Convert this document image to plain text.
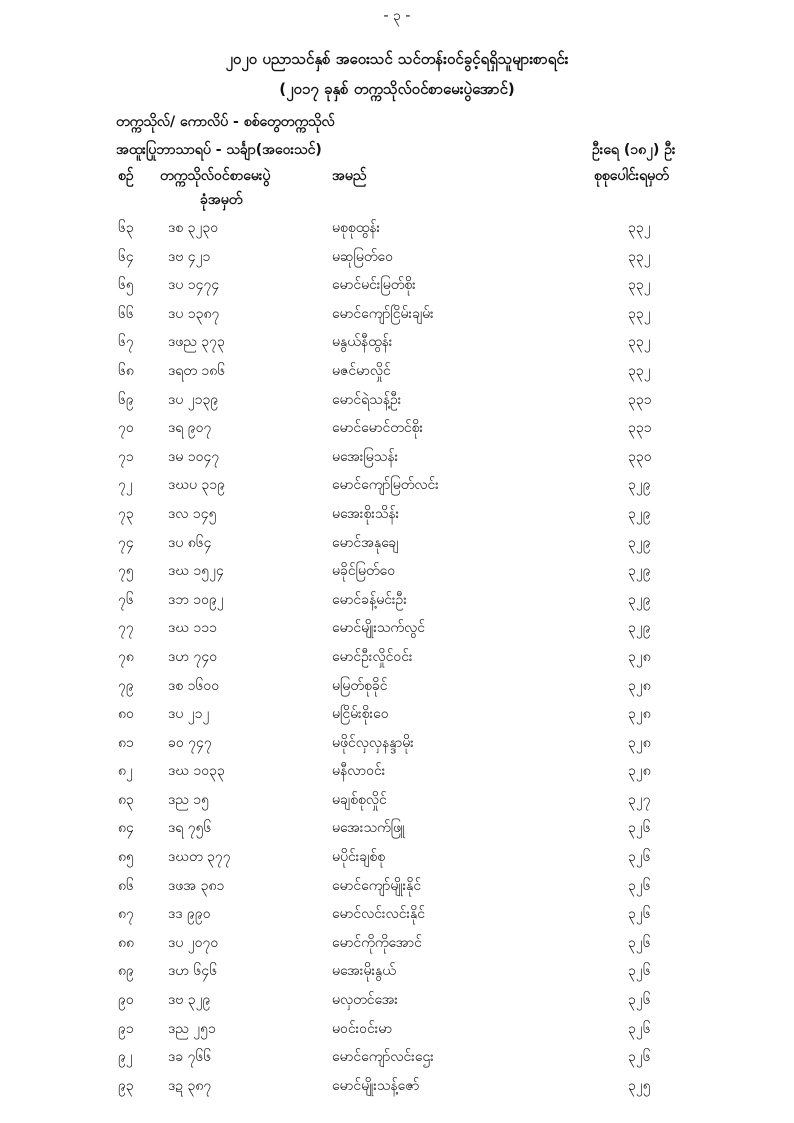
- ၃ -
၂၀၂၀ ပညာသင်နှစ် အဝေးသင် သင်တန်းဝင်ခွင့်ရရှိသူများစာရင်း
(၂၀၁၇ ခုနှစ် တက္ကသိုလ်ဝင်စာမေးပွဲအောင်)
တက္ကသိုလ်/ ကောလိပ် - စစ်တွေတက္ကသိုလ်
အထူးပြုဘာသာရပ် - သင်္ချာ(အဝေးသင်)	ဦးရေ (၁၈၂) ဦး
စဉ် တက္ကသိုလ်ဝင်စာမေးပွဲ
ခုံအမှတ်
အမည်	စုစုပေါင်းရမှတ်
၆၃ ဒစ ၃၂၃၀	မစုစုထွန်း	၃၃၂
၆၄ ဒဗ ၄၂၁	မဆုမြတ်ဝေ	၃၃၂
၆၅ ဒပ ၁၄၇၄	မောင်မင်းမြတ်စိုး	၃၃၂
၆၆ ဒပ ၁၃၈၇	မောင်ကျော်ငြိမ်းချမ်း	၃၃၂
၆၇ ဒဖည ၃၇၃	မနွယ်နီထွန်း	၃၃၂
၆၈ ဒရတ ၁၈၆	မဇင်မာလှိုင်	၃၃၂
၆၉ ဒပ ၂၁၃၉	မောင်ရဲသန့်ဦး	၃၃၁
၇၀ ဒရ ၉၀၇	မောင်မောင်တင်စိုး	၃၃၁
၇၁ ဒမ ၁၀၄၇	မအေးမြသန်း	၃၃၀
၇၂	ဒဃပ ၃၁၉	မောင်ကျော်မြတ်လင်း	၃၂၉
၇၃ ဒလ ၁၄၅	မအေးစိုးသိန်း	၃၂၉
၇၄ ဒပ ၈၆၄	မောင်အနုချေ	၃၂၉
၇၅ ဒဃ ၁၅၂၄	မခိုင်မြတ်ဝေ	၃၂၉
၇၆ ဒဘ ၁၀၉၂	မောင်ခန့်မင်းဦး	၃၂၉
၇၇ ဒဃ ၁၁၁	မောင်မျိုးသက်လွင်	၃၂၉
၇၈ ဒဟ ၇၄၀	မောင်ဦးလှိုင်ဝင်း	၃၂၈
၇၉ ဒစ ၁၆၀၀	မမြတ်စုခိုင်	၃၂၈
၈၀ ဒပ ၂၁၂	မငြိမ်းစိုးဝေ	၃၂၈
၈၁ ခဝ ၇၄၇	မဖိုင်လှလှနန္ဒာမိုး	၃၂၈
၈၂	ဒဃ ၁၀၃၃	မနီလာဝင်း	၃၂၈
၈၃ ဒည ၁၅	မချစ်စုလှိုင်	၃၂၇
၈၄ ဒရ ၇၅၆	မအေးသက်ဖြူ	၃၂၆
၈၅ ဒဃတ ၃၇၇	မပိုင်းချစ်စု	၃၂၆
၈၆ ဒဖအ ၃၈၁	မောင်ကျော်မျိုးနိုင်	၃၂၆
၈၇ ဒဒ ၉၉၀	မောင်လင်းလင်းနိုင်	၃၂၆
၈၈ ဒပ ၂၀၇၀	မောင်ကိုကိုအောင်	၃၂၆
၈၉ ဒဟ ၆၄၆	မအေးမိုးနွယ်	၃၂၆
၉၀ ဒဗ ၃၂၉	မလှတင်အေး	၃၂၆
၉၁ ဒည ၂၅၁	မဝင်းဝင်းမာ	၃၂၆
၉၂	ဒခ ၇၆၆	မောင်ကျော်လင်းဌေး	၃၂၆
၉၃ ဒဍ ၃၈၇	မောင်မျိုးသန့်ဇော်	၃၂၅
